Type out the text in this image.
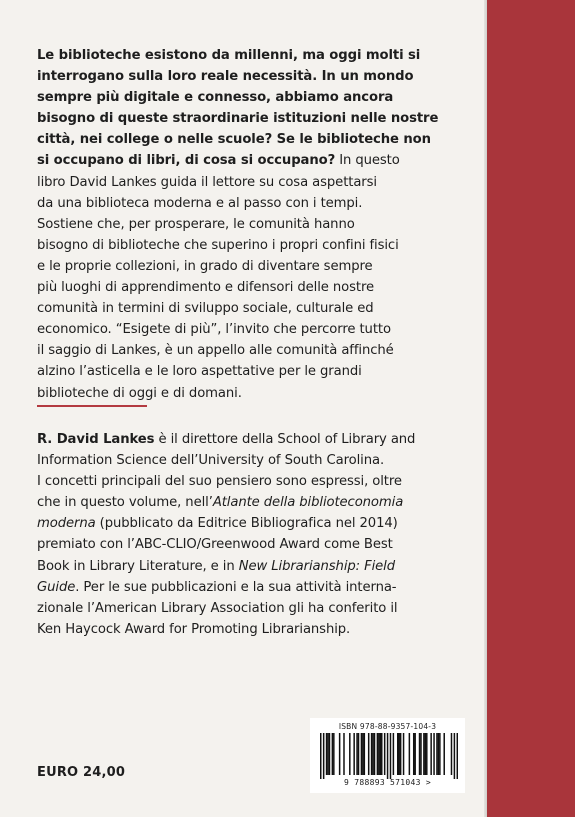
Le biblioteche esistono da millenni, ma oggi molti si
interrogano sulla loro reale necessità. In un mondo
sempre più digitale e connesso, abbiamo ancora
bisogno di queste straordinarie istituzioni nelle nostre
città, nei college o nelle scuole? Se le biblioteche non
si occupano di libri, di cosa si occupano? In questo
libro David Lankes guida il lettore su cosa aspettarsi
da una biblioteca moderna e al passo con i tempi.
Sostiene che, per prosperare, le comunità hanno
bisogno di biblioteche che superino i propri confini fisici
e le proprie collezioni, in grado di diventare sempre
più luoghi di apprendimento e difensori delle nostre
comunità in termini di sviluppo sociale, culturale ed
economico. “Esigete di più”, l’invito che percorre tutto
il saggio di Lankes, è un appello alle comunità affinché
alzino l’asticella e le loro aspettative per le grandi
biblioteche di oggi e di domani.

R. David Lankes è il direttore della School of Library and
Information Science dell’University of South Carolina.
I concetti principali del suo pensiero sono espressi, oltre
che in questo volume, nell’Atlante della biblioteconomia
moderna (pubblicato da Editrice Bibliografica nel 2014)
premiato con l’ABC-CLIO/Greenwood Award come Best
Book in Library Literature, e in New Librarianship: Field
Guide. Per le sue pubblicazioni e la sua attività interna-
zionale l’American Library Association gli ha conferito il
Ken Haycock Award for Promoting Librarianship.

EURO 24,00
ISBN 978-88-9357-104-3
9 788893 571043 >
